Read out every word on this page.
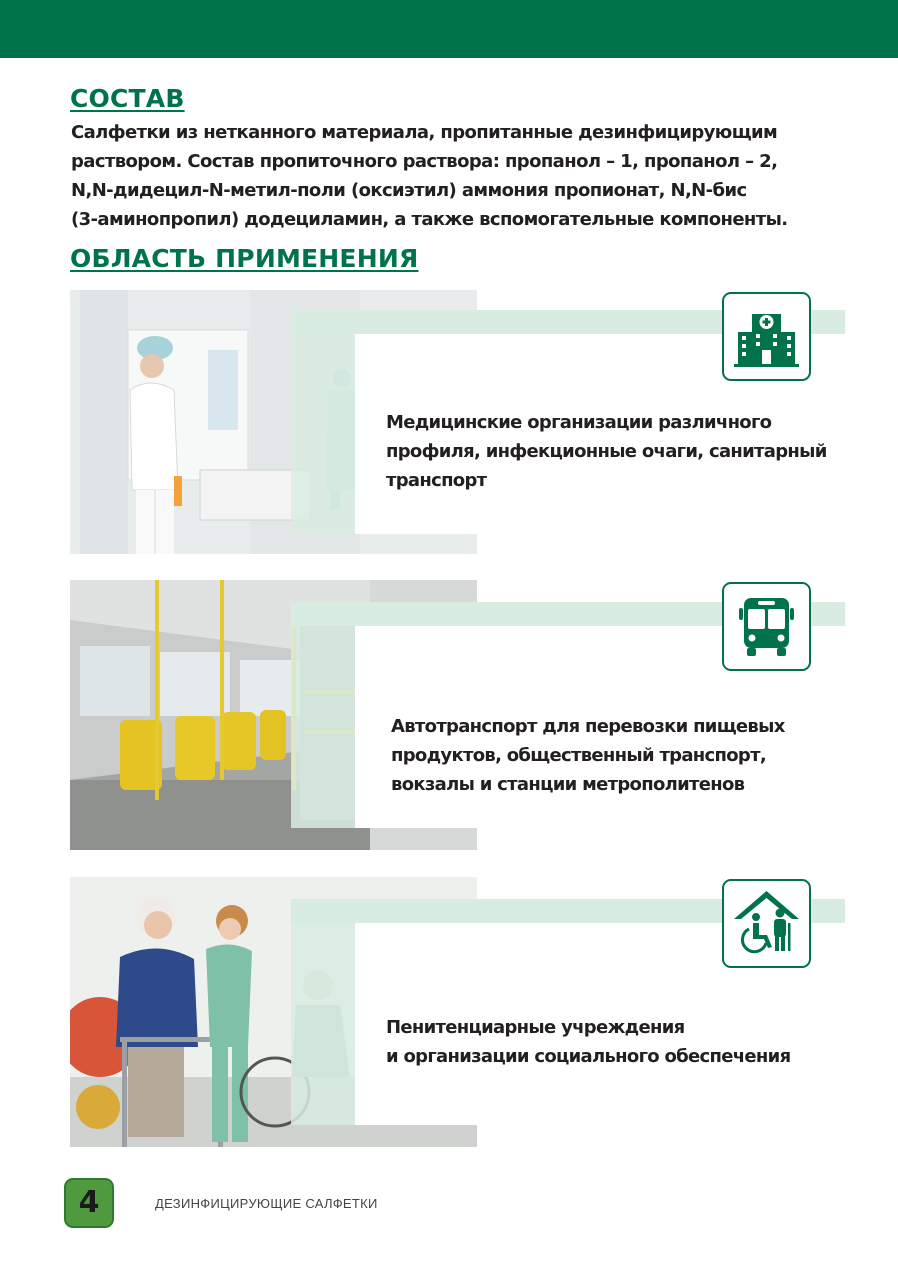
СОСТАВ

Салфетки из нетканного материала, пропитанные дезинфицирующим
раствором. Состав пропиточного раствора: пропанол – 1, пропанол – 2,
N,N-дидецил-N-метил-поли (оксиэтил) аммония пропионат, N,N-бис
(3-аминопропил) додециламин, а также вспомогательные компоненты.

ОБЛАСТЬ ПРИМЕНЕНИЯ

Медицинские организации различного
профиля, инфекционные очаги, санитарный
транспорт

Автотранспорт для перевозки пищевых
продуктов, общественный транспорт,
вокзалы и станции метрополитенов

Пенитенциарные учреждения
и организации социального обеспечения

4	ДЕЗИНФИЦИРУЮЩИЕ САЛФЕТКИ
